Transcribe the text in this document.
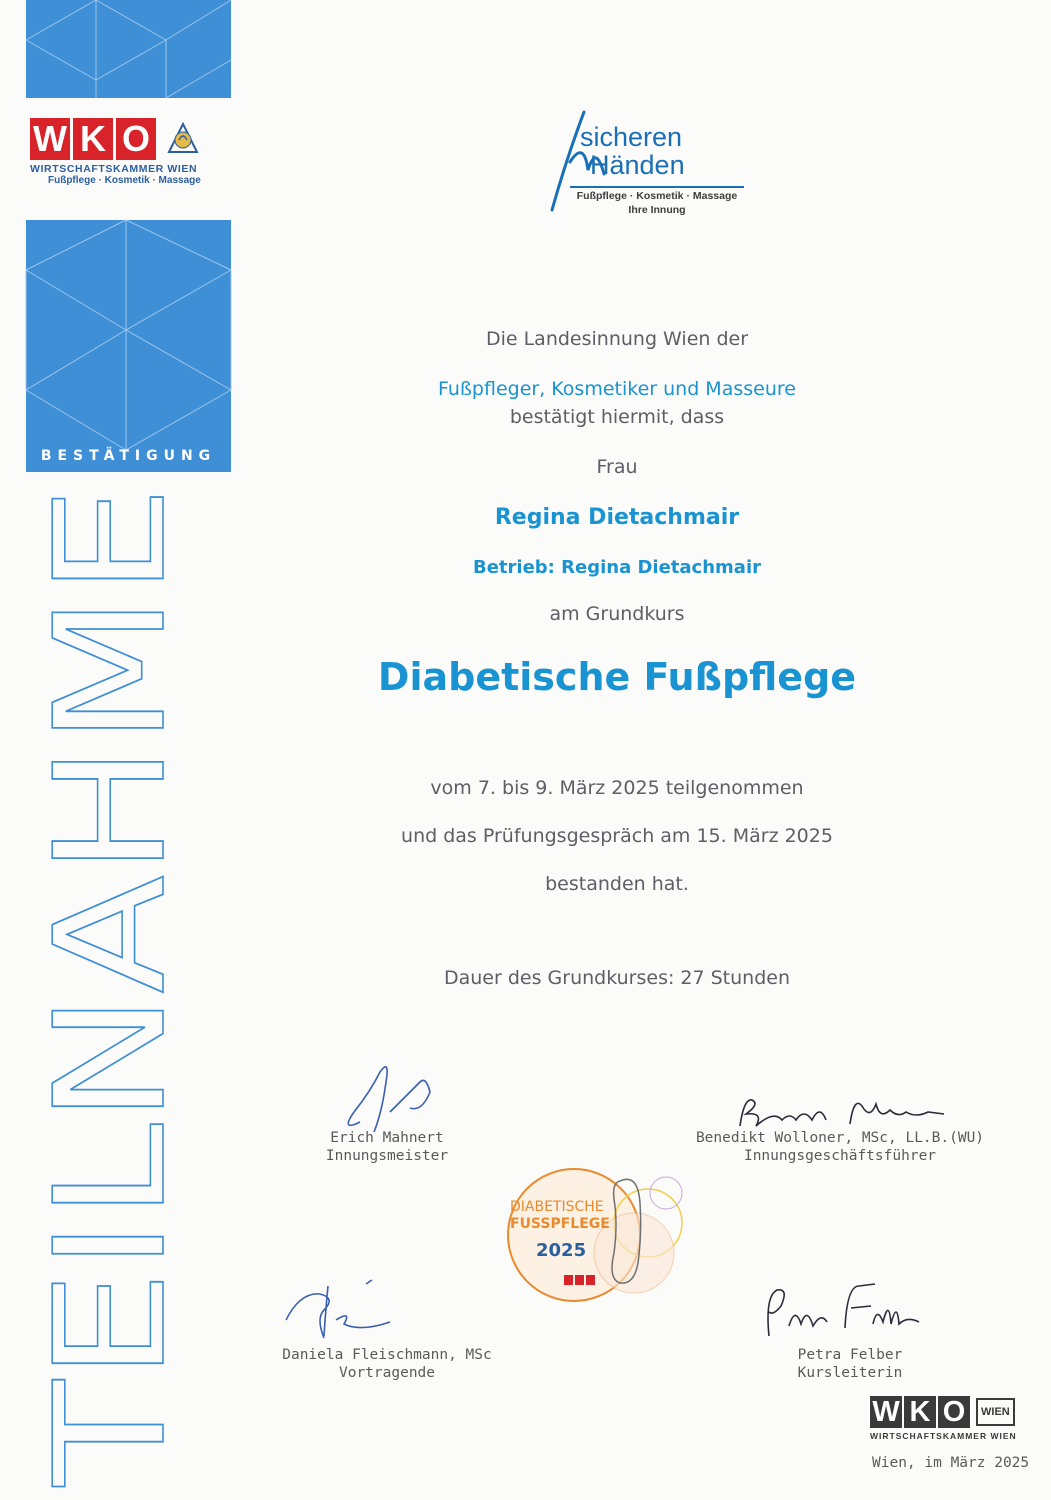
W K O
WIRTSCHAFTSKAMMER WIEN
Fußpflege · Kosmetik · Massage
BESTÄTIGUNG
TEILNAHME
sicheren
Händen
Fußpflege · Kosmetik · Massage
Ihre Innung
Die Landesinnung Wien der
Fußpfleger, Kosmetiker und Masseure
bestätigt hiermit, dass
Frau
Regina Dietachmair
Betrieb: Regina Dietachmair
am Grundkurs
Diabetische Fußpflege
vom 7. bis 9. März 2025 teilgenommen
und das Prüfungsgespräch am 15. März 2025
bestanden hat.
Dauer des Grundkurses: 27 Stunden
Erich Mahnert
Innungsmeister
Benedikt Wolloner, MSc, LL.B.(WU)
Innungsgeschäftsführer
DIABETISCHE
FUSSPFLEGE
2025
Daniela Fleischmann, MSc
Vortragende
Petra Felber
Kursleiterin
W K O	WIEN
WIRTSCHAFTSKAMMER WIEN
Wien, im März 2025
